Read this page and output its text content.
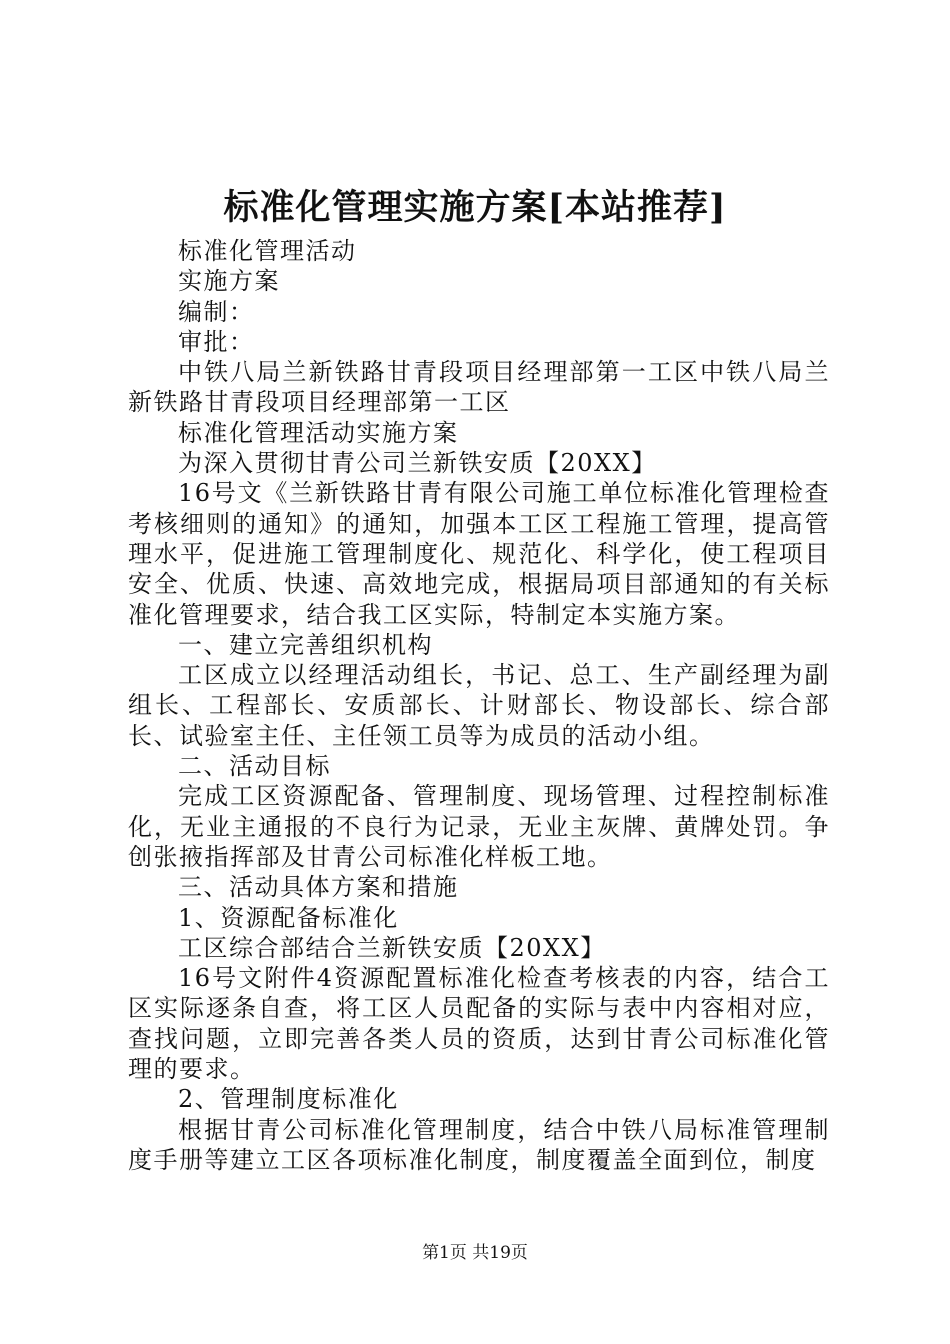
标准化管理实施方案[本站推荐]

标准化管理活动

实施方案

编制：

审批：

中铁八局兰新铁路甘青段项目经理部第一工区中铁八局兰新铁路甘青段项目经理部第一工区

标准化管理活动实施方案

为深入贯彻甘青公司兰新铁安质【20XX】

16号文《兰新铁路甘青有限公司施工单位标准化管理检查考核细则的通知》的通知，加强本工区工程施工管理，提高管理水平，促进施工管理制度化、规范化、科学化，使工程项目安全、优质、快速、高效地完成，根据局项目部通知的有关标准化管理要求，结合我工区实际，特制定本实施方案。

一、建立完善组织机构

工区成立以经理活动组长，书记、总工、生产副经理为副组长、工程部长、安质部长、计财部长、物设部长、综合部长、试验室主任、主任领工员等为成员的活动小组。

二、活动目标

完成工区资源配备、管理制度、现场管理、过程控制标准化，无业主通报的不良行为记录，无业主灰牌、黄牌处罚。争创张掖指挥部及甘青公司标准化样板工地。

三、活动具体方案和措施

1、资源配备标准化

工区综合部结合兰新铁安质【20XX】

16号文附件4资源配置标准化检查考核表的内容，结合工区实际逐条自查，将工区人员配备的实际与表中内容相对应，查找问题，立即完善各类人员的资质，达到甘青公司标准化管理的要求。

2、管理制度标准化

根据甘青公司标准化管理制度，结合中铁八局标准管理制度手册等建立工区各项标准化制度，制度覆盖全面到位，制度

第1页 共19页
